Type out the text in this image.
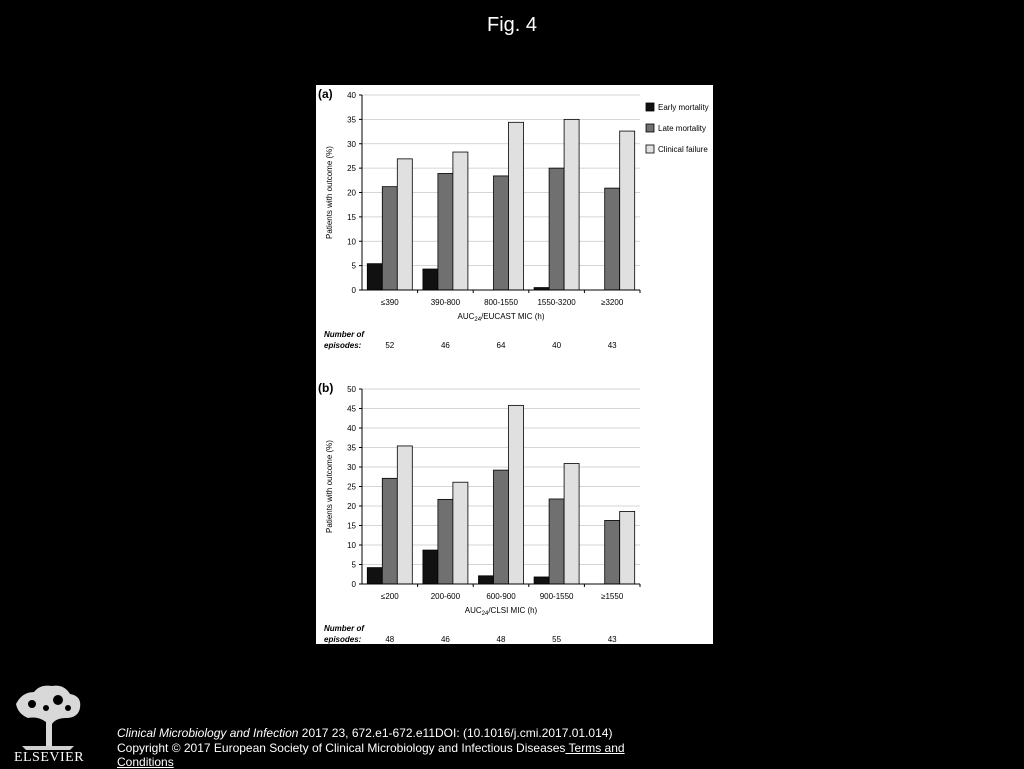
Fig. 4
(a)
0
5
10
15
20
25
30
35
40
Patients with outcome (%)
≤390
52
390-800
46
800-1550
64
1550-3200
40
≥3200
43
$AUC_{24}$/EUCAST MIC (h)
Number of
episodes:
(b)
0
5
10
15
20
25
30
35
40
45
50
Patients with outcome (%)
≤200
48
200-600
46
600-900
48
900-1550
55
≥1550
43
$AUC_{24}$/CLSI MIC (h)
Number of
episodes:
Early mortality
Late mortality
Clinical failure
ELSEVIER
Clinical Microbiology and Infection 2017 23, 672.e1-672.e11DOI: (10.1016/j.cmi.2017.01.014)
Copyright © 2017 European Society of Clinical Microbiology and Infectious Diseases Terms and Conditions
